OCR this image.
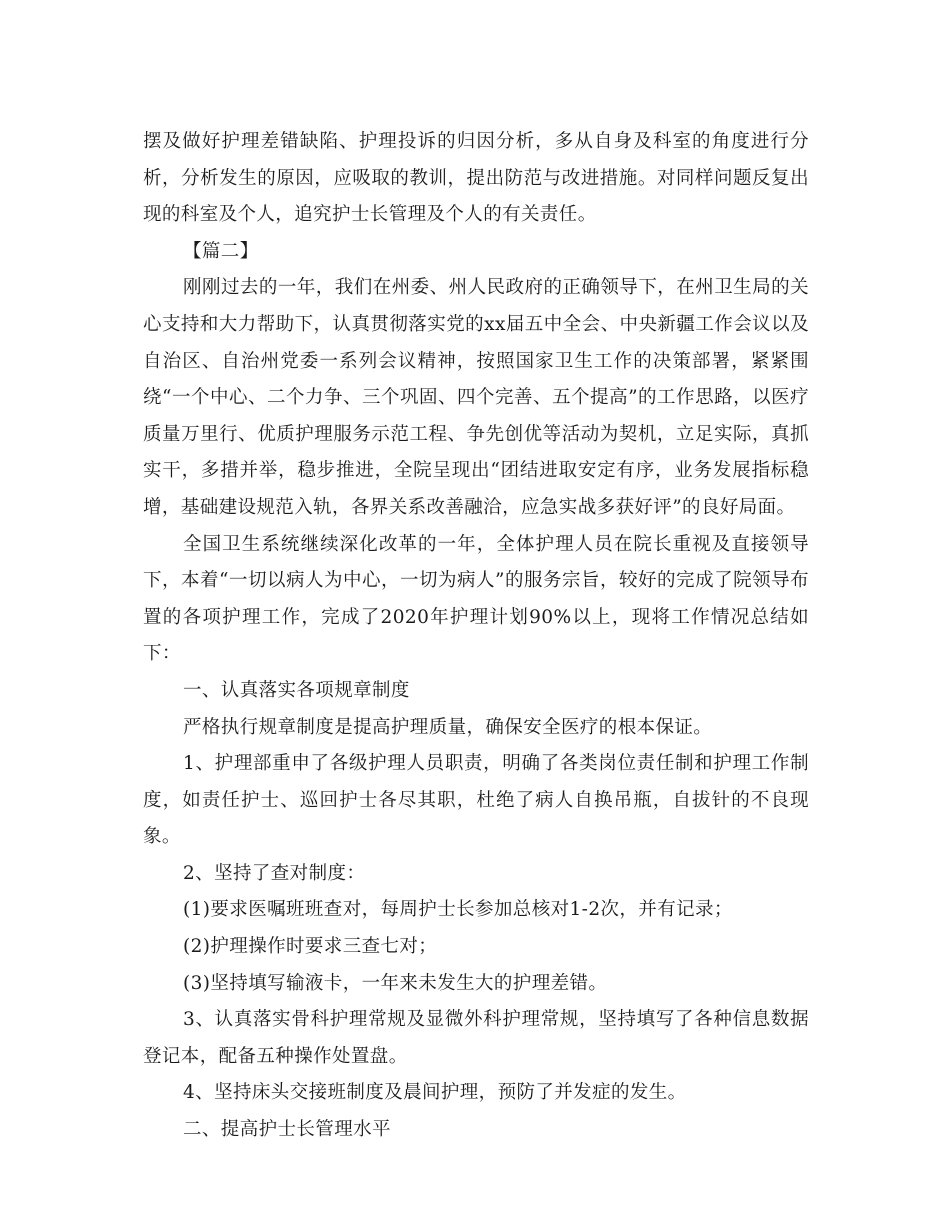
摆及做好护理差错缺陷、护理投诉的归因分析，多从自身及科室的角度进行分析，分析发生的原因，应吸取的教训，提出防范与改进措施。对同样问题反复出现的科室及个人，追究护士长管理及个人的有关责任。

【篇二】

刚刚过去的一年，我们在州委、州人民政府的正确领导下，在州卫生局的关心支持和大力帮助下，认真贯彻落实党的xx届五中全会、中央新疆工作会议以及自治区、自治州党委一系列会议精神，按照国家卫生工作的决策部署，紧紧围绕“一个中心、二个力争、三个巩固、四个完善、五个提高”的工作思路，以医疗质量万里行、优质护理服务示范工程、争先创优等活动为契机，立足实际，真抓实干，多措并举，稳步推进，全院呈现出“团结进取安定有序，业务发展指标稳增，基础建设规范入轨，各界关系改善融洽，应急实战多获好评”的良好局面。

全国卫生系统继续深化改革的一年，全体护理人员在院长重视及直接领导下，本着“一切以病人为中心，一切为病人”的服务宗旨，较好的完成了院领导布置的各项护理工作，完成了2020年护理计划90%以上，现将工作情况总结如下：

一、认真落实各项规章制度

严格执行规章制度是提高护理质量，确保安全医疗的根本保证。

1、护理部重申了各级护理人员职责，明确了各类岗位责任制和护理工作制度，如责任护士、巡回护士各尽其职，杜绝了病人自换吊瓶，自拔针的不良现象。

2、坚持了查对制度：

(1)要求医嘱班班查对，每周护士长参加总核对1-2次，并有记录；

(2)护理操作时要求三查七对；

(3)坚持填写输液卡，一年来未发生大的护理差错。

3、认真落实骨科护理常规及显微外科护理常规，坚持填写了各种信息数据登记本，配备五种操作处置盘。

4、坚持床头交接班制度及晨间护理，预防了并发症的发生。

二、提高护士长管理水平
